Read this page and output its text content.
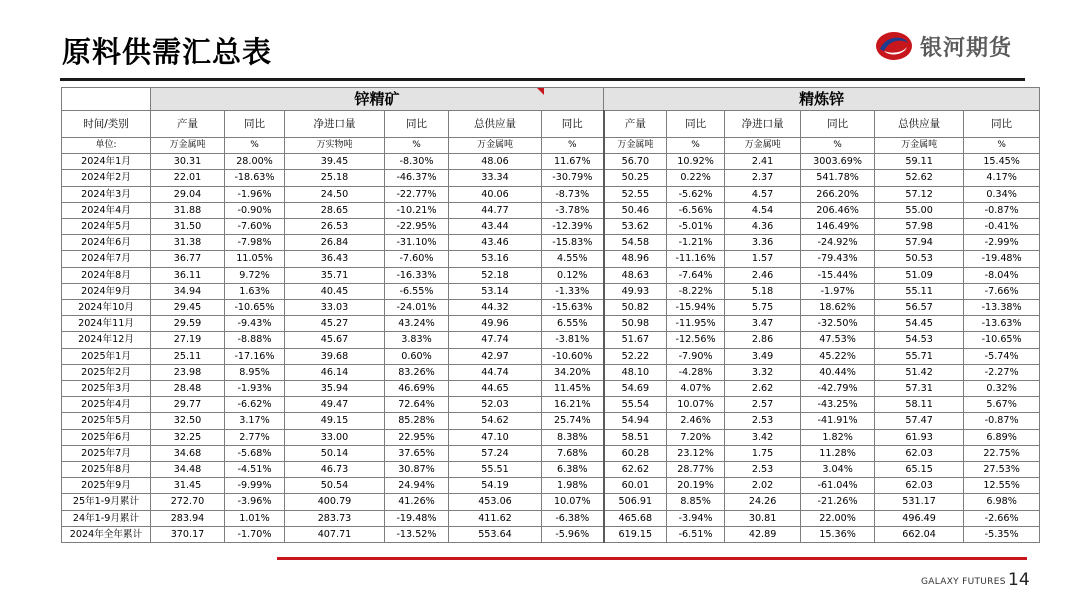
原料供需汇总表	银河期货
	锌精矿						精炼锌					
时间/类别	产量	同比	净进口量	同比	总供应量	同比	产量	同比	净进口量	同比	总供应量	同比
单位:	万金属吨	%	万实物吨	%	万金属吨	%	万金属吨	%	万金属吨	%	万金属吨	%
2024年1月	30.31	28.00%	39.45	-8.30%	48.06	11.67%	56.70	10.92%	2.41	3003.69%	59.11	15.45%
2024年2月	22.01	-18.63%	25.18	-46.37%	33.34	-30.79%	50.25	0.22%	2.37	541.78%	52.62	4.17%
2024年3月	29.04	-1.96%	24.50	-22.77%	40.06	-8.73%	52.55	-5.62%	4.57	266.20%	57.12	0.34%
2024年4月	31.88	-0.90%	28.65	-10.21%	44.77	-3.78%	50.46	-6.56%	4.54	206.46%	55.00	-0.87%
2024年5月	31.50	-7.60%	26.53	-22.95%	43.44	-12.39%	53.62	-5.01%	4.36	146.49%	57.98	-0.41%
2024年6月	31.38	-7.98%	26.84	-31.10%	43.46	-15.83%	54.58	-1.21%	3.36	-24.92%	57.94	-2.99%
2024年7月	36.77	11.05%	36.43	-7.60%	53.16	4.55%	48.96	-11.16%	1.57	-79.43%	50.53	-19.48%
2024年8月	36.11	9.72%	35.71	-16.33%	52.18	0.12%	48.63	-7.64%	2.46	-15.44%	51.09	-8.04%
2024年9月	34.94	1.63%	40.45	-6.55%	53.14	-1.33%	49.93	-8.22%	5.18	-1.97%	55.11	-7.66%
2024年10月	29.45	-10.65%	33.03	-24.01%	44.32	-15.63%	50.82	-15.94%	5.75	18.62%	56.57	-13.38%
2024年11月	29.59	-9.43%	45.27	43.24%	49.96	6.55%	50.98	-11.95%	3.47	-32.50%	54.45	-13.63%
2024年12月	27.19	-8.88%	45.67	3.83%	47.74	-3.81%	51.67	-12.56%	2.86	47.53%	54.53	-10.65%
2025年1月	25.11	-17.16%	39.68	0.60%	42.97	-10.60%	52.22	-7.90%	3.49	45.22%	55.71	-5.74%
2025年2月	23.98	8.95%	46.14	83.26%	44.74	34.20%	48.10	-4.28%	3.32	40.44%	51.42	-2.27%
2025年3月	28.48	-1.93%	35.94	46.69%	44.65	11.45%	54.69	4.07%	2.62	-42.79%	57.31	0.32%
2025年4月	29.77	-6.62%	49.47	72.64%	52.03	16.21%	55.54	10.07%	2.57	-43.25%	58.11	5.67%
2025年5月	32.50	3.17%	49.15	85.28%	54.62	25.74%	54.94	2.46%	2.53	-41.91%	57.47	-0.87%
2025年6月	32.25	2.77%	33.00	22.95%	47.10	8.38%	58.51	7.20%	3.42	1.82%	61.93	6.89%
2025年7月	34.68	-5.68%	50.14	37.65%	57.24	7.68%	60.28	23.12%	1.75	11.28%	62.03	22.75%
2025年8月	34.48	-4.51%	46.73	30.87%	55.51	6.38%	62.62	28.77%	2.53	3.04%	65.15	27.53%
2025年9月	31.45	-9.99%	50.54	24.94%	54.19	1.98%	60.01	20.19%	2.02	-61.04%	62.03	12.55%
25年1-9月累计	272.70	-3.96%	400.79	41.26%	453.06	10.07%	506.91	8.85%	24.26	-21.26%	531.17	6.98%
24年1-9月累计	283.94	1.01%	283.73	-19.48%	411.62	-6.38%	465.68	-3.94%	30.81	22.00%	496.49	-2.66%
2024年全年累计	370.17	-1.70%	407.71	-13.52%	553.64	-5.96%	619.15	-6.51%	42.89	15.36%	662.04	-5.35%
GALAXY FUTURES 14
